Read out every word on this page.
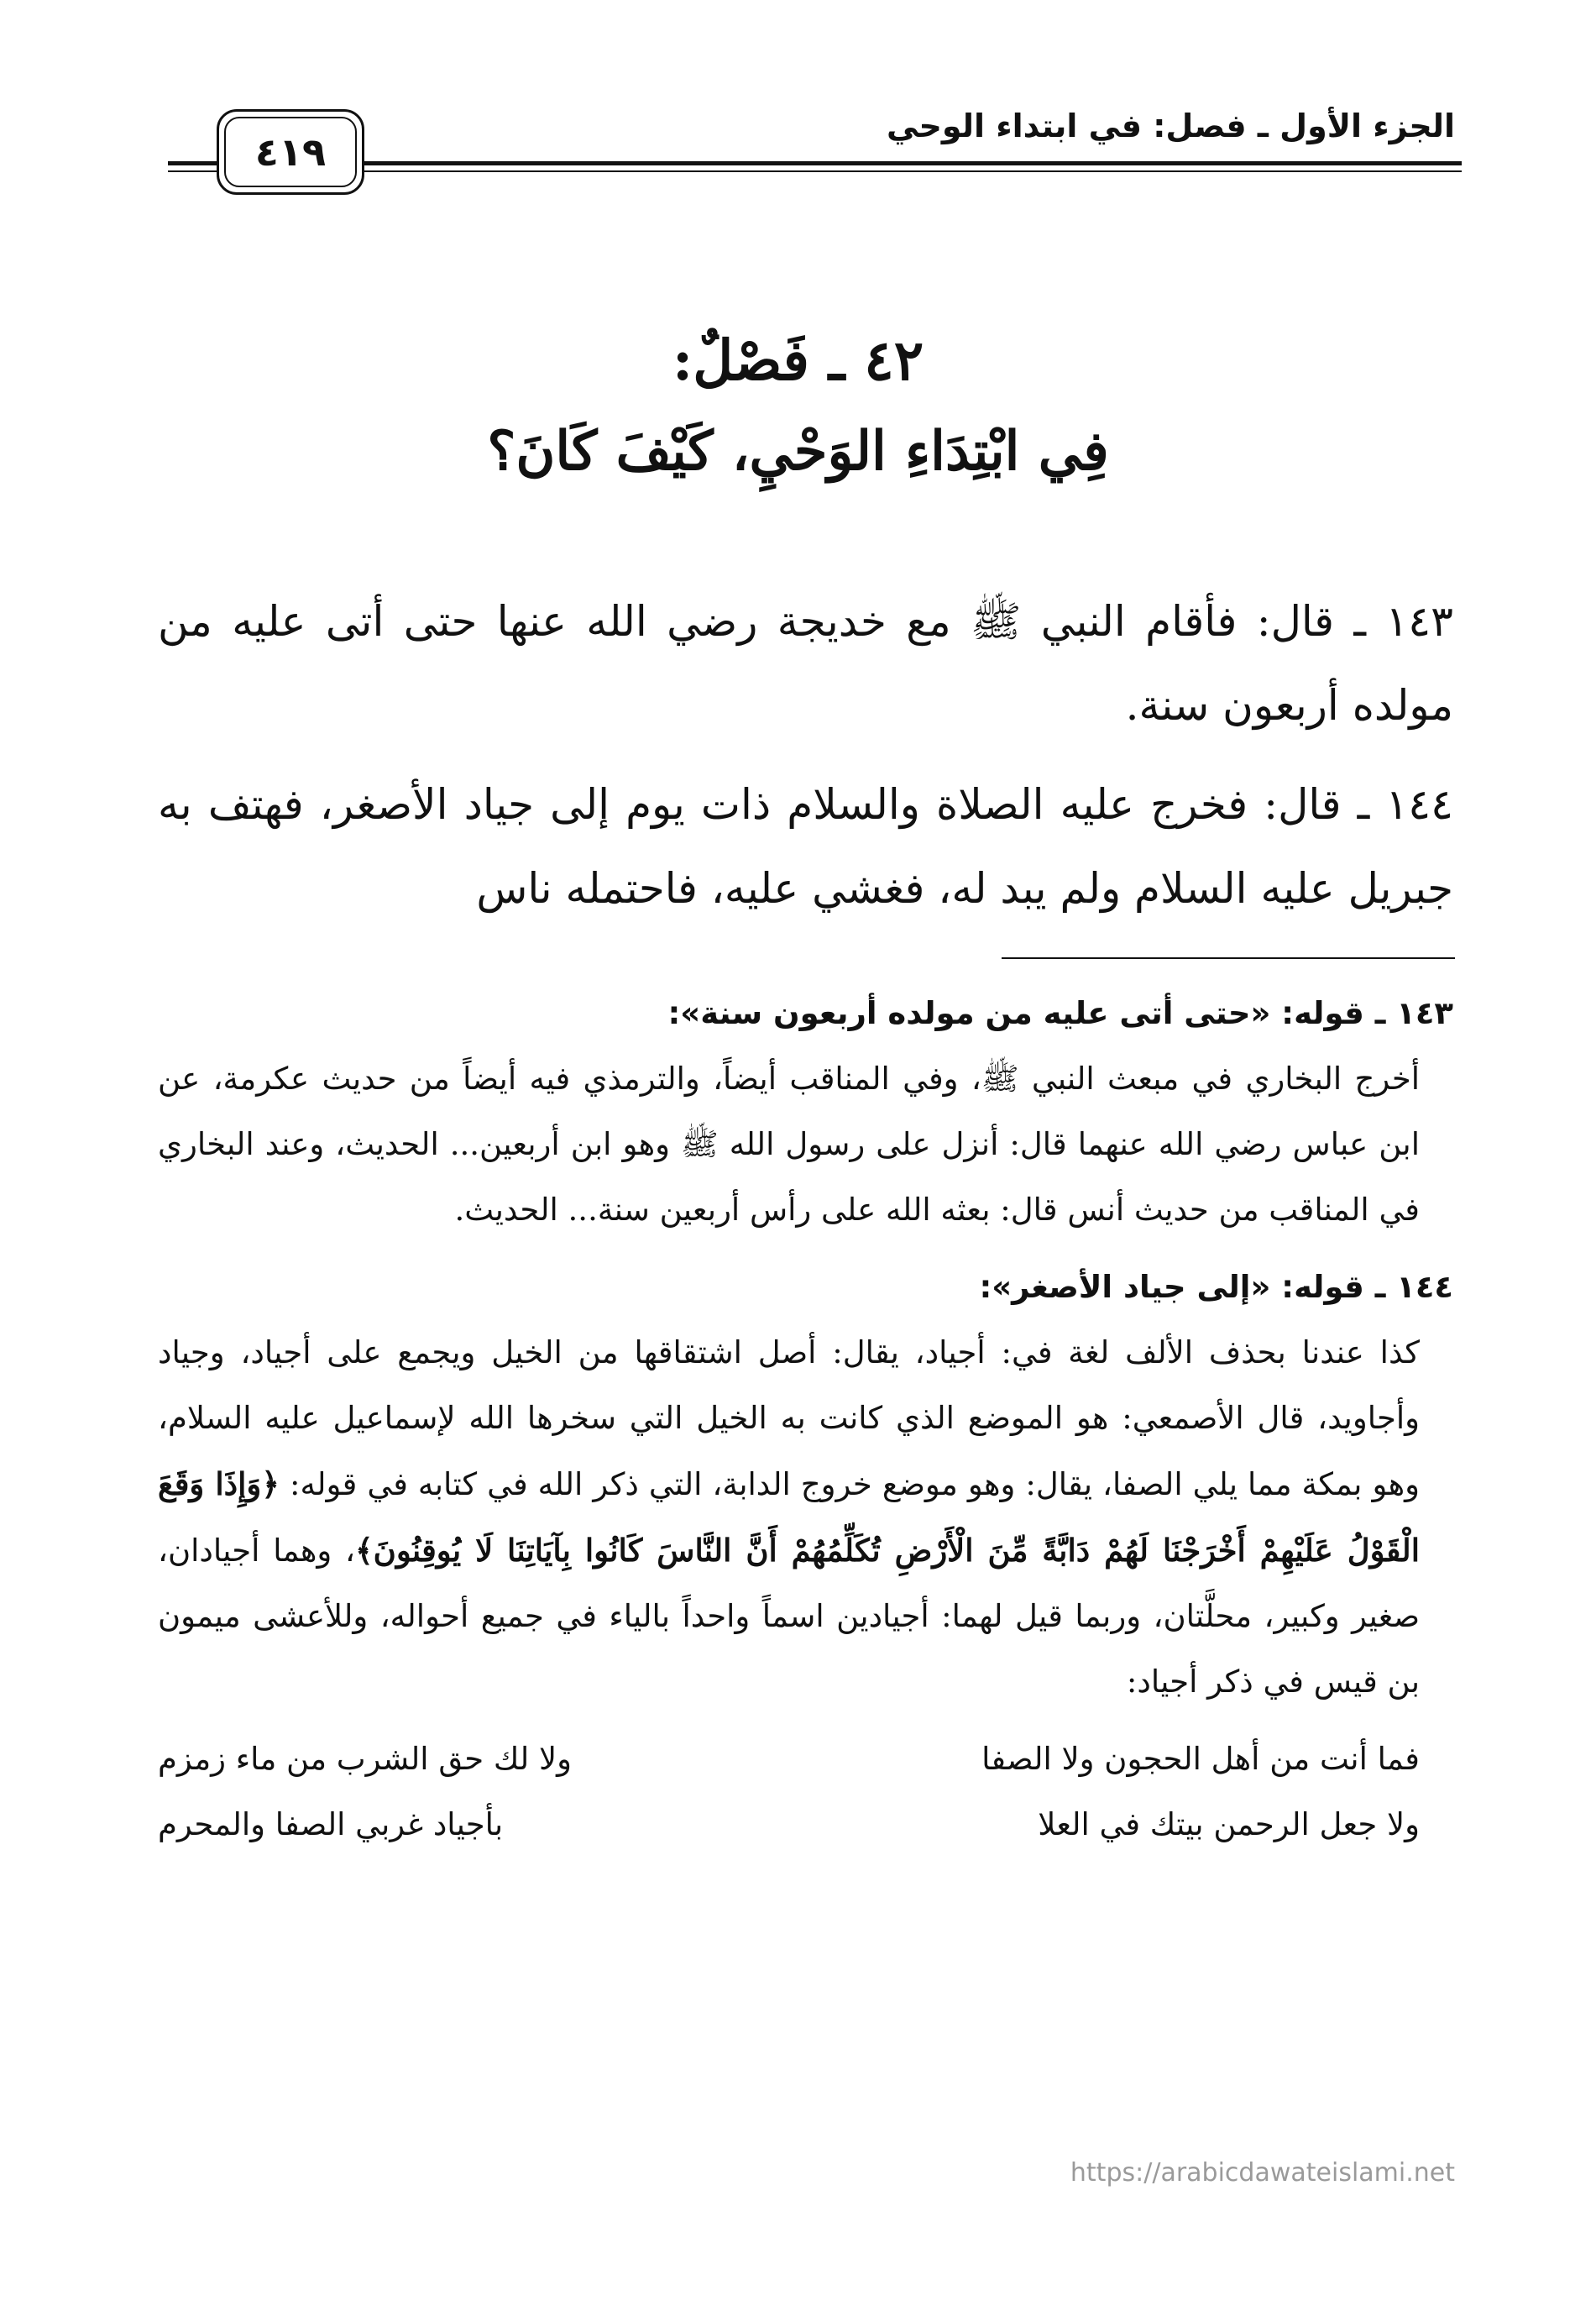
الجزء الأول ـ فصل: في ابتداء الوحي
٤١٩
٤٢ ـ فَصْلٌ:
فِي ابْتِدَاءِ الوَحْيِ، كَيْفَ كَانَ؟

١٤٣ ـ قال: فأقام النبي ﷺ مع خديجة رضي الله عنها حتى أتى عليه من مولده أربعون سنة.

١٤٤ ـ قال: فخرج عليه الصلاة والسلام ذات يوم إلى جياد الأصغر، فهتف به جبريل عليه السلام ولم يبد له، فغشي عليه، فاحتمله ناس

١٤٣ ـ قوله: «حتى أتى عليه من مولده أربعون سنة»:

أخرج البخاري في مبعث النبي ﷺ، وفي المناقب أيضاً، والترمذي فيه أيضاً من حديث عكرمة، عن ابن عباس رضي الله عنهما قال: أنزل على رسول الله ﷺ وهو ابن أربعين... الحديث، وعند البخاري في المناقب من حديث أنس قال: بعثه الله على رأس أربعين سنة... الحديث.

١٤٤ ـ قوله: «إلى جياد الأصغر»:

كذا عندنا بحذف الألف لغة في: أجياد، يقال: أصل اشتقاقها من الخيل ويجمع على أجياد، وجياد وأجاويد، قال الأصمعي: هو الموضع الذي كانت به الخيل التي سخرها الله لإسماعيل عليه السلام، وهو بمكة مما يلي الصفا، يقال: وهو موضع خروج الدابة، التي ذكر الله في كتابه في قوله: ﴿وَإِذَا وَقَعَ الْقَوْلُ عَلَيْهِمْ أَخْرَجْنَا لَهُمْ دَابَّةً مِّنَ الْأَرْضِ تُكَلِّمُهُمْ أَنَّ النَّاسَ كَانُوا بِآيَاتِنَا لَا يُوقِنُونَ﴾، وهما أجيادان، صغير وكبير، محلَّتان، وربما قيل لهما: أجيادين اسماً واحداً بالياء في جميع أحواله، وللأعشى ميمون بن قيس في ذكر أجياد:

فما أنت من أهل الحجون ولا الصفا
ولا لك حق الشرب من ماء زمزم
ولا جعل الرحمن بيتك في العلا
بأجياد غربي الصفا والمحرم
https://arabicdawateislami.net
